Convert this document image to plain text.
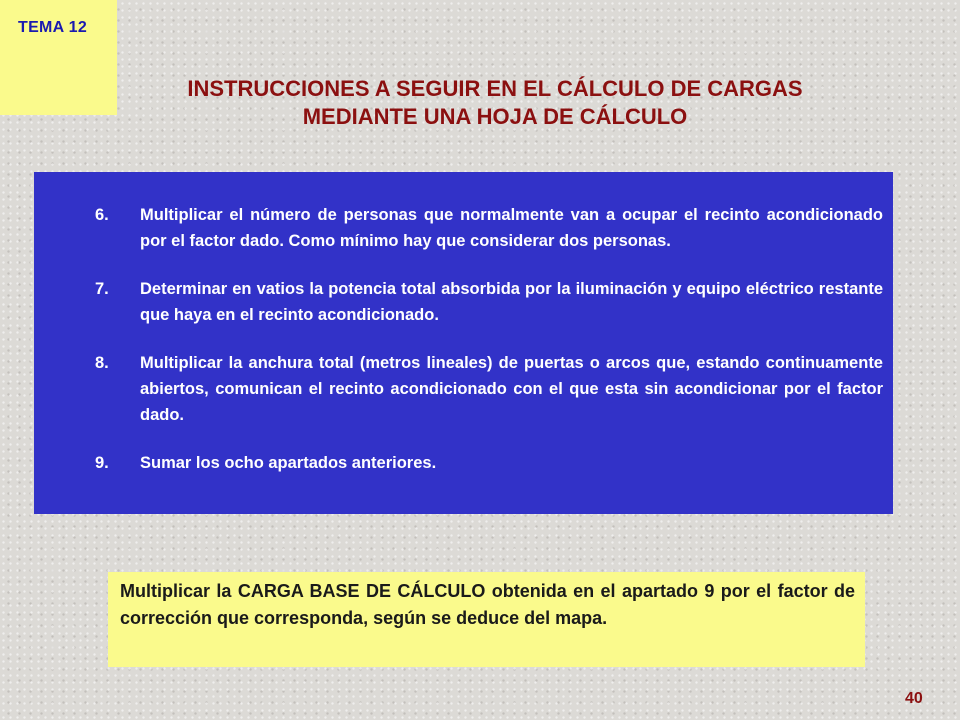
TEMA 12
INSTRUCCIONES A SEGUIR EN EL CÁLCULO DE CARGAS
MEDIANTE UNA HOJA DE CÁLCULO
6.	Multiplicar el número de personas que normalmente van a ocupar el recinto acondicionado por el factor dado. Como mínimo hay que considerar dos personas.
7.	Determinar en vatios la potencia total absorbida por la iluminación y equipo eléctrico restante que haya en el recinto acondicionado.
8.	Multiplicar la anchura total (metros lineales) de puertas o arcos que, estando continuamente abiertos, comunican el recinto acondicionado con el que esta sin acondicionar por el factor dado.
9.	Sumar los ocho apartados anteriores.
Multiplicar la CARGA BASE DE CÁLCULO obtenida en el apartado 9 por el factor de corrección que corresponda, según se deduce del mapa.
40
